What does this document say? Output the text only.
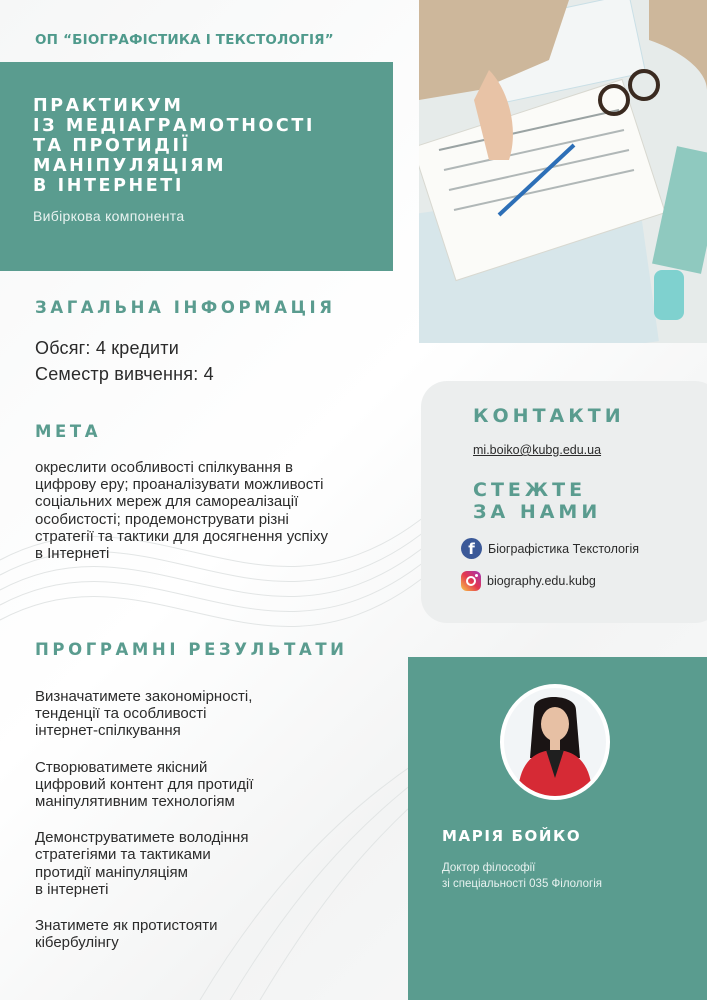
ОП “БІОГРАФІСТИКА І ТЕКСТОЛОГІЯ”
ПРАКТИКУМ
ІЗ МЕДІАГРАМОТНОСТІ
ТА ПРОТИДІЇ
МАНІПУЛЯЦІЯМ
В ІНТЕРНЕТІ
Вибіркова компонента
ЗАГАЛЬНА ІНФОРМАЦІЯ
Обсяг: 4 кредити
Семестр вивчення: 4
МЕТА
окреслити особливості спілкування в цифрову еру; проаналізувати можливості соціальних мереж для самореалізації особистості; продемонструвати різні стратегії та тактики для досягнення успіху в Інтернеті
ПРОГРАМНІ РЕЗУЛЬТАТИ
Визначатимете закономірності,
тенденції та особливості
інтернет-спілкування
Створюватимете якісний
цифровий контент для протидії
маніпулятивним технологіям
Демонструватимете володіння
стратегіями та тактиками
протидії маніпуляціям
в інтернеті
Знатимете як протистояти
кібербулінгу
КОНТАКТИ
mi.boiko@kubg.edu.ua
СТЕЖТЕ
ЗА НАМИ
f	Біографістика Текстологія
biography.edu.kubg
МАРІЯ БОЙКО
Доктор філософії
зі спеціальності 035 Філологія
